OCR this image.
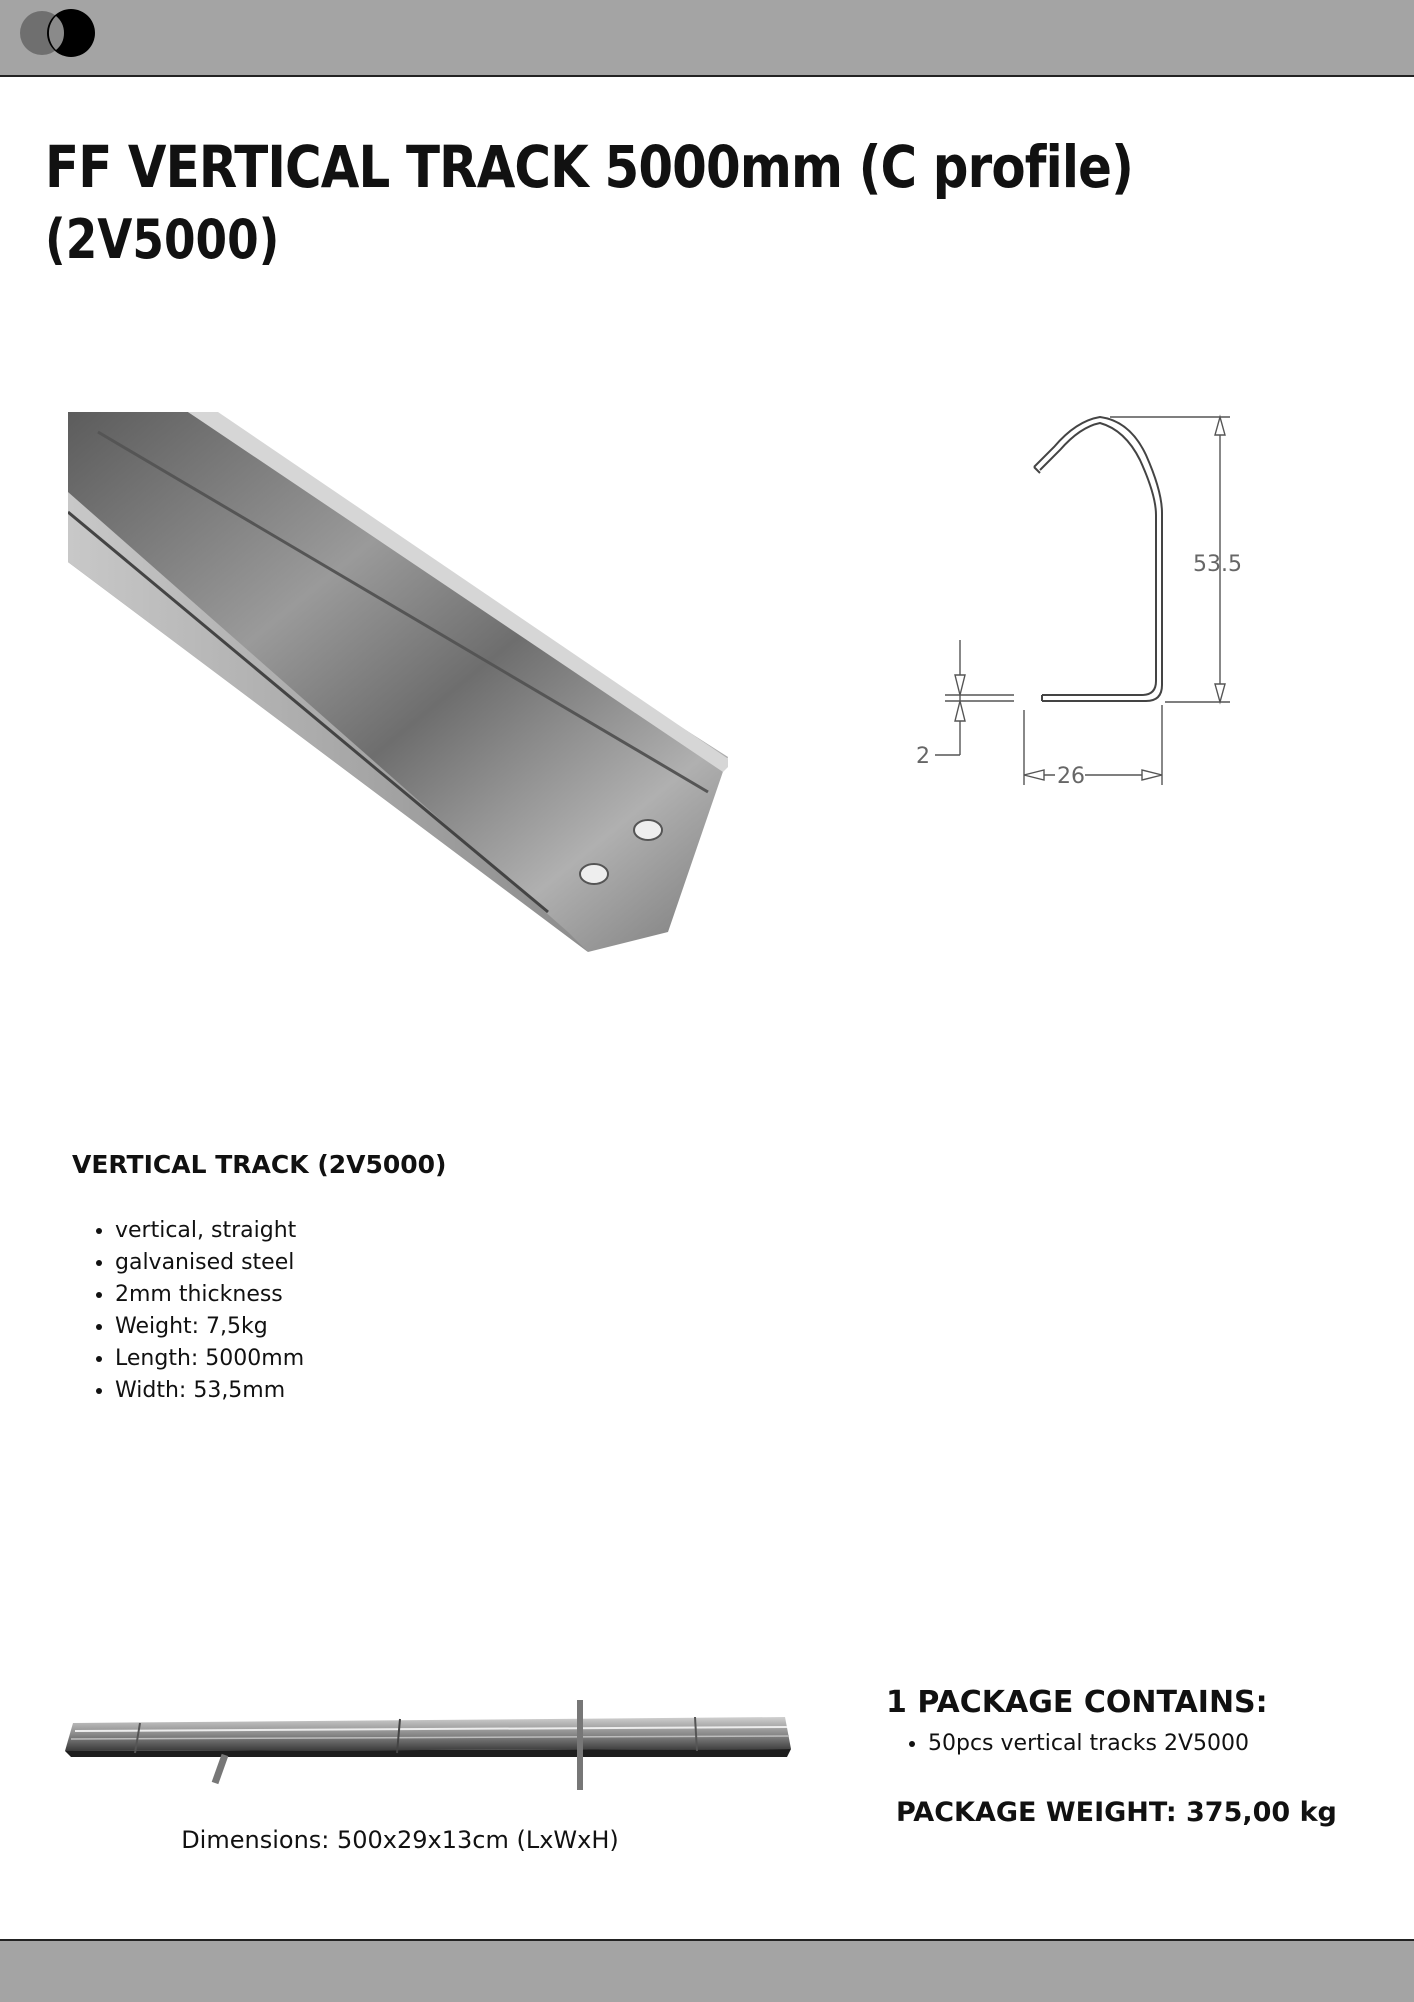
FF VERTICAL TRACK 5000mm (C profile)
(2V5000)
53.5
2
26
VERTICAL TRACK (2V5000)
• vertical, straight
• galvanised steel
• 2mm thickness
• Weight: 7,5kg
• Length: 5000mm
• Width: 53,5mm

Dimensions: 500x29x13cm (LxWxH)

1 PACKAGE CONTAINS:
• 50pcs vertical tracks 2V5000

PACKAGE WEIGHT: 375,00 kg
